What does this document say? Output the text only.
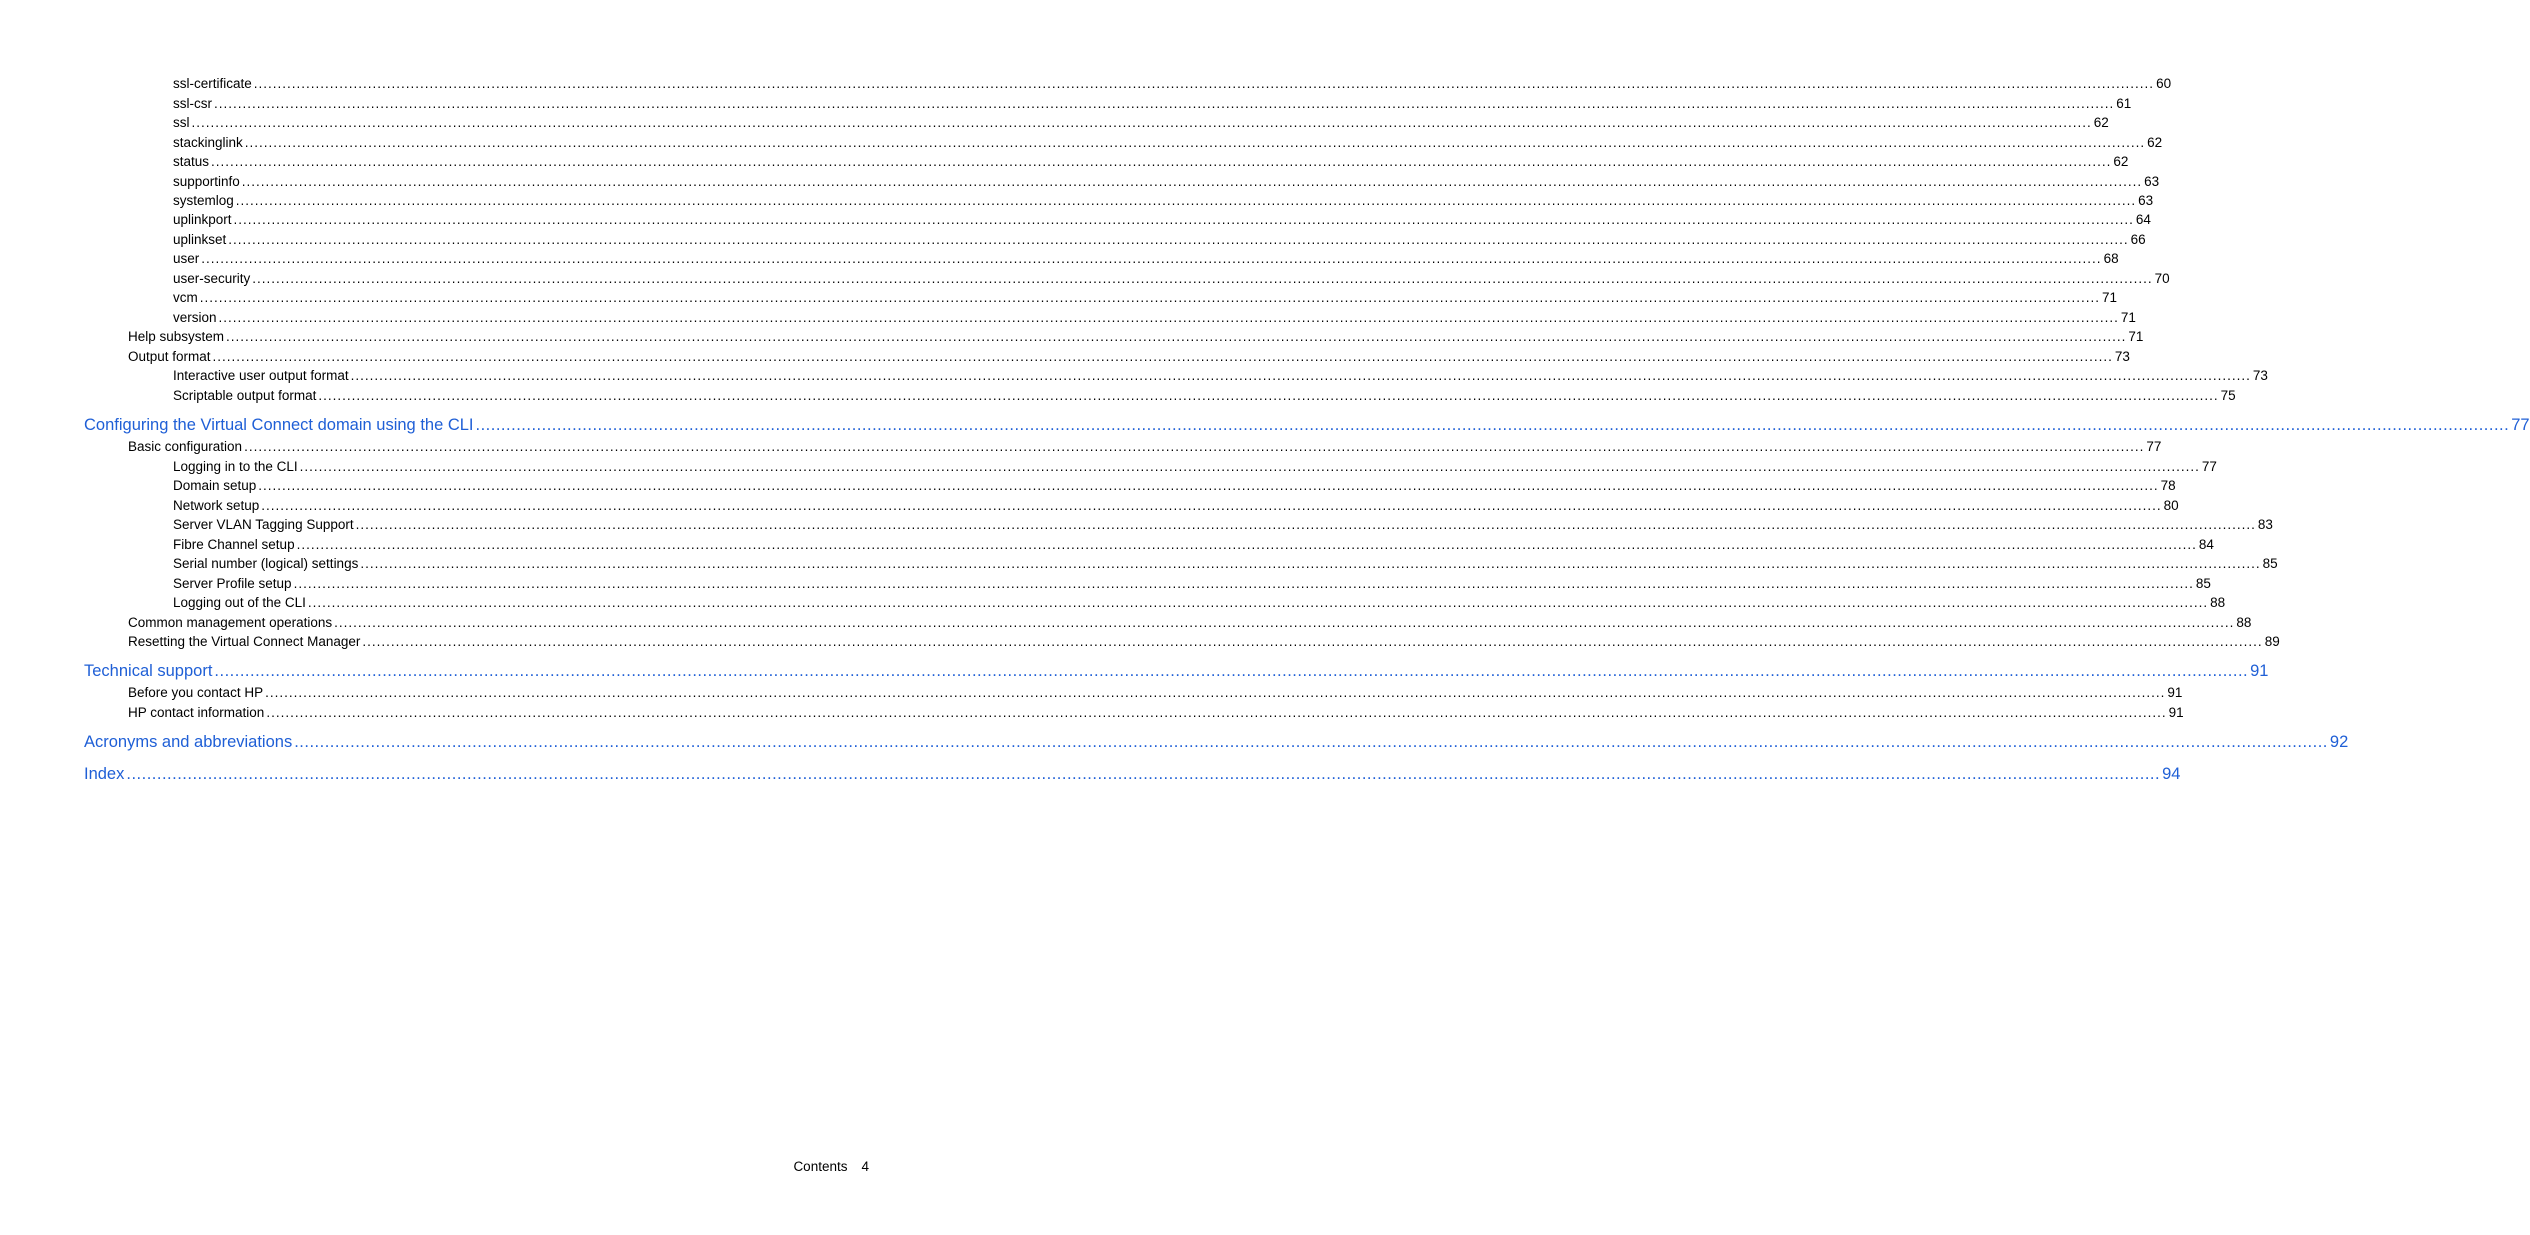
ssl-certificate ................................................................................................................................................................................................................................................................................................................................................................................................................ 60
ssl-csr ................................................................................................................................................................................................................................................................................................................................................................................................................ 61
ssl ................................................................................................................................................................................................................................................................................................................................................................................................................ 62
stackinglink ................................................................................................................................................................................................................................................................................................................................................................................................................ 62
status ................................................................................................................................................................................................................................................................................................................................................................................................................ 62
supportinfo ................................................................................................................................................................................................................................................................................................................................................................................................................ 63
systemlog ................................................................................................................................................................................................................................................................................................................................................................................................................ 63
uplinkport ................................................................................................................................................................................................................................................................................................................................................................................................................ 64
uplinkset ................................................................................................................................................................................................................................................................................................................................................................................................................ 66
user ................................................................................................................................................................................................................................................................................................................................................................................................................ 68
user-security ................................................................................................................................................................................................................................................................................................................................................................................................................ 70
vcm ................................................................................................................................................................................................................................................................................................................................................................................................................ 71
version ................................................................................................................................................................................................................................................................................................................................................................................................................ 71
Help subsystem ................................................................................................................................................................................................................................................................................................................................................................................................................ 71
Output format ................................................................................................................................................................................................................................................................................................................................................................................................................ 73
Interactive user output format ................................................................................................................................................................................................................................................................................................................................................................................................................ 73
Scriptable output format ................................................................................................................................................................................................................................................................................................................................................................................................................ 75
Configuring the Virtual Connect domain using the CLI ................................................................................................................................................................................................................................................................................................................................................................................................................ 77
Basic configuration ................................................................................................................................................................................................................................................................................................................................................................................................................ 77
Logging in to the CLI ................................................................................................................................................................................................................................................................................................................................................................................................................ 77
Domain setup ................................................................................................................................................................................................................................................................................................................................................................................................................ 78
Network setup ................................................................................................................................................................................................................................................................................................................................................................................................................ 80
Server VLAN Tagging Support ................................................................................................................................................................................................................................................................................................................................................................................................................ 83
Fibre Channel setup ................................................................................................................................................................................................................................................................................................................................................................................................................ 84
Serial number (logical) settings ................................................................................................................................................................................................................................................................................................................................................................................................................ 85
Server Profile setup ................................................................................................................................................................................................................................................................................................................................................................................................................ 85
Logging out of the CLI ................................................................................................................................................................................................................................................................................................................................................................................................................ 88
Common management operations ................................................................................................................................................................................................................................................................................................................................................................................................................ 88
Resetting the Virtual Connect Manager ................................................................................................................................................................................................................................................................................................................................................................................................................ 89
Technical support ................................................................................................................................................................................................................................................................................................................................................................................................................ 91
Before you contact HP ................................................................................................................................................................................................................................................................................................................................................................................................................ 91
HP contact information ................................................................................................................................................................................................................................................................................................................................................................................................................ 91
Acronyms and abbreviations ................................................................................................................................................................................................................................................................................................................................................................................................................ 92
Index ................................................................................................................................................................................................................................................................................................................................................................................................................ 94
Contents 4
